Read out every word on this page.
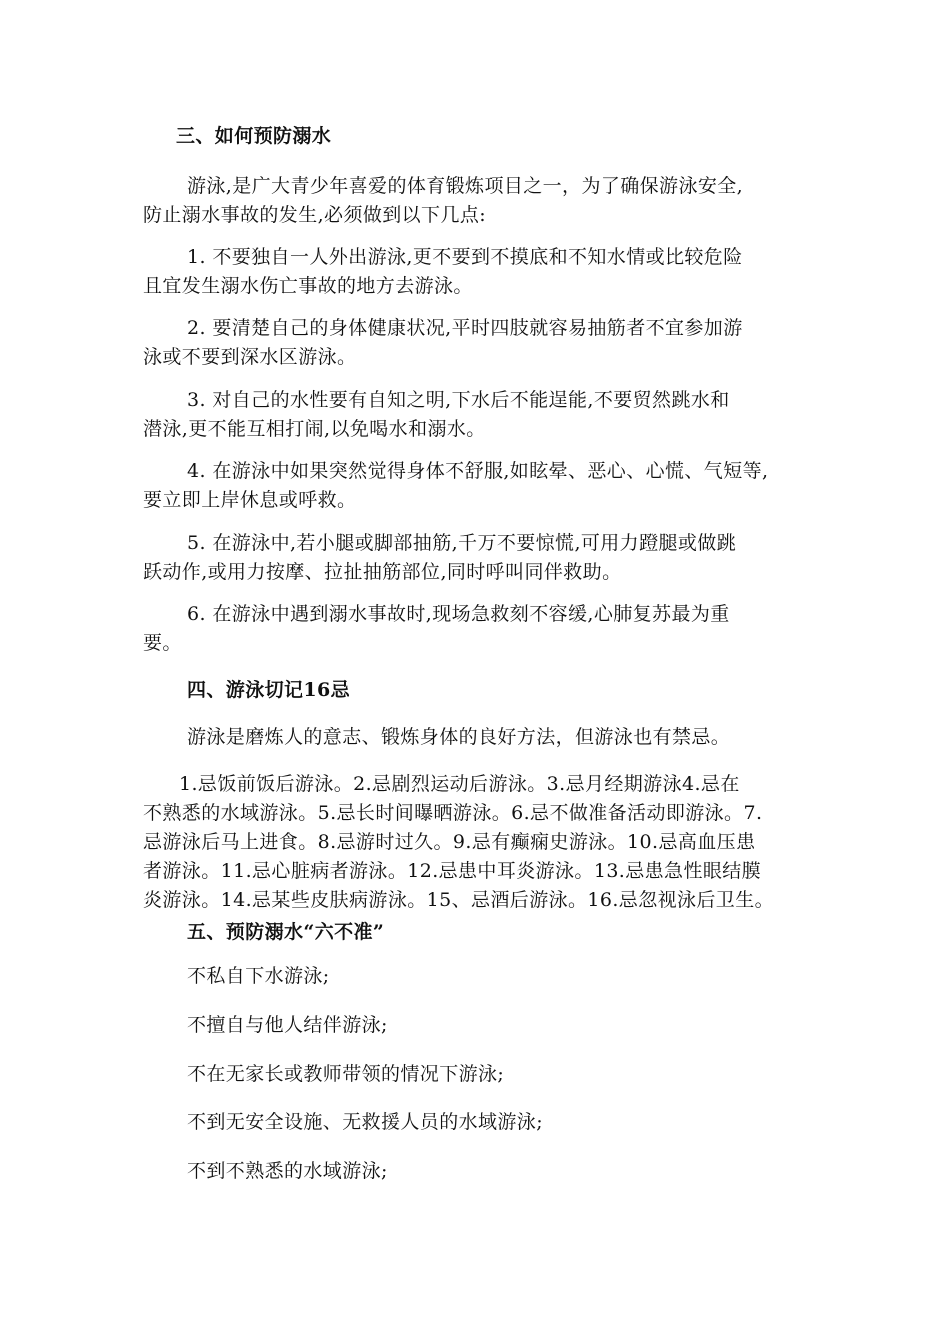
三、如何预防溺水

游泳,是广大青少年喜爱的体育锻炼项目之一，为了确保游泳安全,
防止溺水事故的发生,必须做到以下几点:

1. 不要独自一人外出游泳,更不要到不摸底和不知水情或比较危险
且宜发生溺水伤亡事故的地方去游泳。

2. 要清楚自己的身体健康状况,平时四肢就容易抽筋者不宜参加游
泳或不要到深水区游泳。

3. 对自己的水性要有自知之明,下水后不能逞能,不要贸然跳水和
潜泳,更不能互相打闹,以免喝水和溺水。

4. 在游泳中如果突然觉得身体不舒服,如眩晕、恶心、心慌、气短等,
要立即上岸休息或呼救。

5. 在游泳中,若小腿或脚部抽筋,千万不要惊慌,可用力蹬腿或做跳
跃动作,或用力按摩、拉扯抽筋部位,同时呼叫同伴救助。

6. 在游泳中遇到溺水事故时,现场急救刻不容缓,心肺复苏最为重
要。

四、游泳切记16忌

游泳是磨炼人的意志、锻炼身体的良好方法，但游泳也有禁忌。

1.忌饭前饭后游泳。2.忌剧烈运动后游泳。3.忌月经期游泳4.忌在
不熟悉的水域游泳。5.忌长时间曝晒游泳。6.忌不做准备活动即游泳。7.
忌游泳后马上进食。8.忌游时过久。9.忌有癫痫史游泳。10.忌高血压患
者游泳。11.忌心脏病者游泳。12.忌患中耳炎游泳。13.忌患急性眼结膜
炎游泳。14.忌某些皮肤病游泳。15、忌酒后游泳。16.忌忽视泳后卫生。

五、预防溺水“六不准”

不私自下水游泳;

不擅自与他人结伴游泳;

不在无家长或教师带领的情况下游泳;

不到无安全设施、无救援人员的水域游泳;

不到不熟悉的水域游泳;
